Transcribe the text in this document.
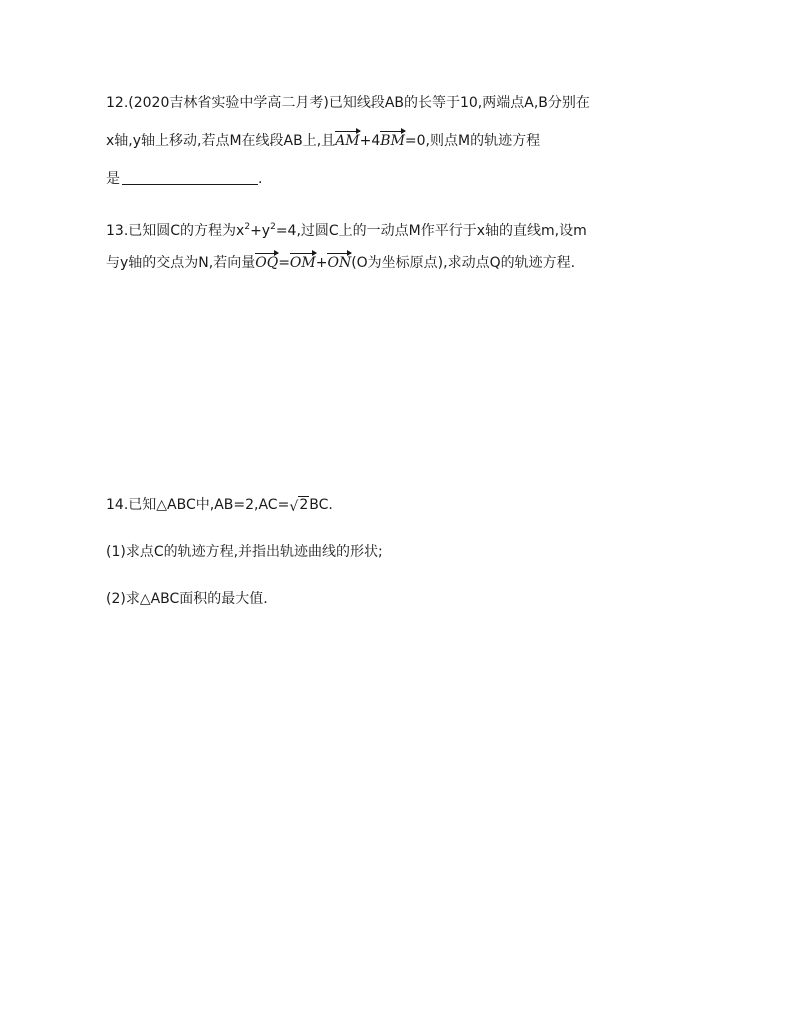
12.(2020吉林省实验中学高二月考)已知线段AB的长等于10,两端点A,B分别在
x轴,y轴上移动,若点M在线段AB上,且AM+4BM=0,则点M的轨迹方程
是	.
13.已知圆C的方程为$x^2+y^2=4$,过圆C上的一动点M作平行于x轴的直线m,设m
与y轴的交点为N,若向量OQ=OM+ON(O为坐标原点),求动点Q的轨迹方程.
14.已知△ABC中,AB=2,AC= √ 2BC.
(1)求点C的轨迹方程,并指出轨迹曲线的形状;
(2)求△ABC面积的最大值.
